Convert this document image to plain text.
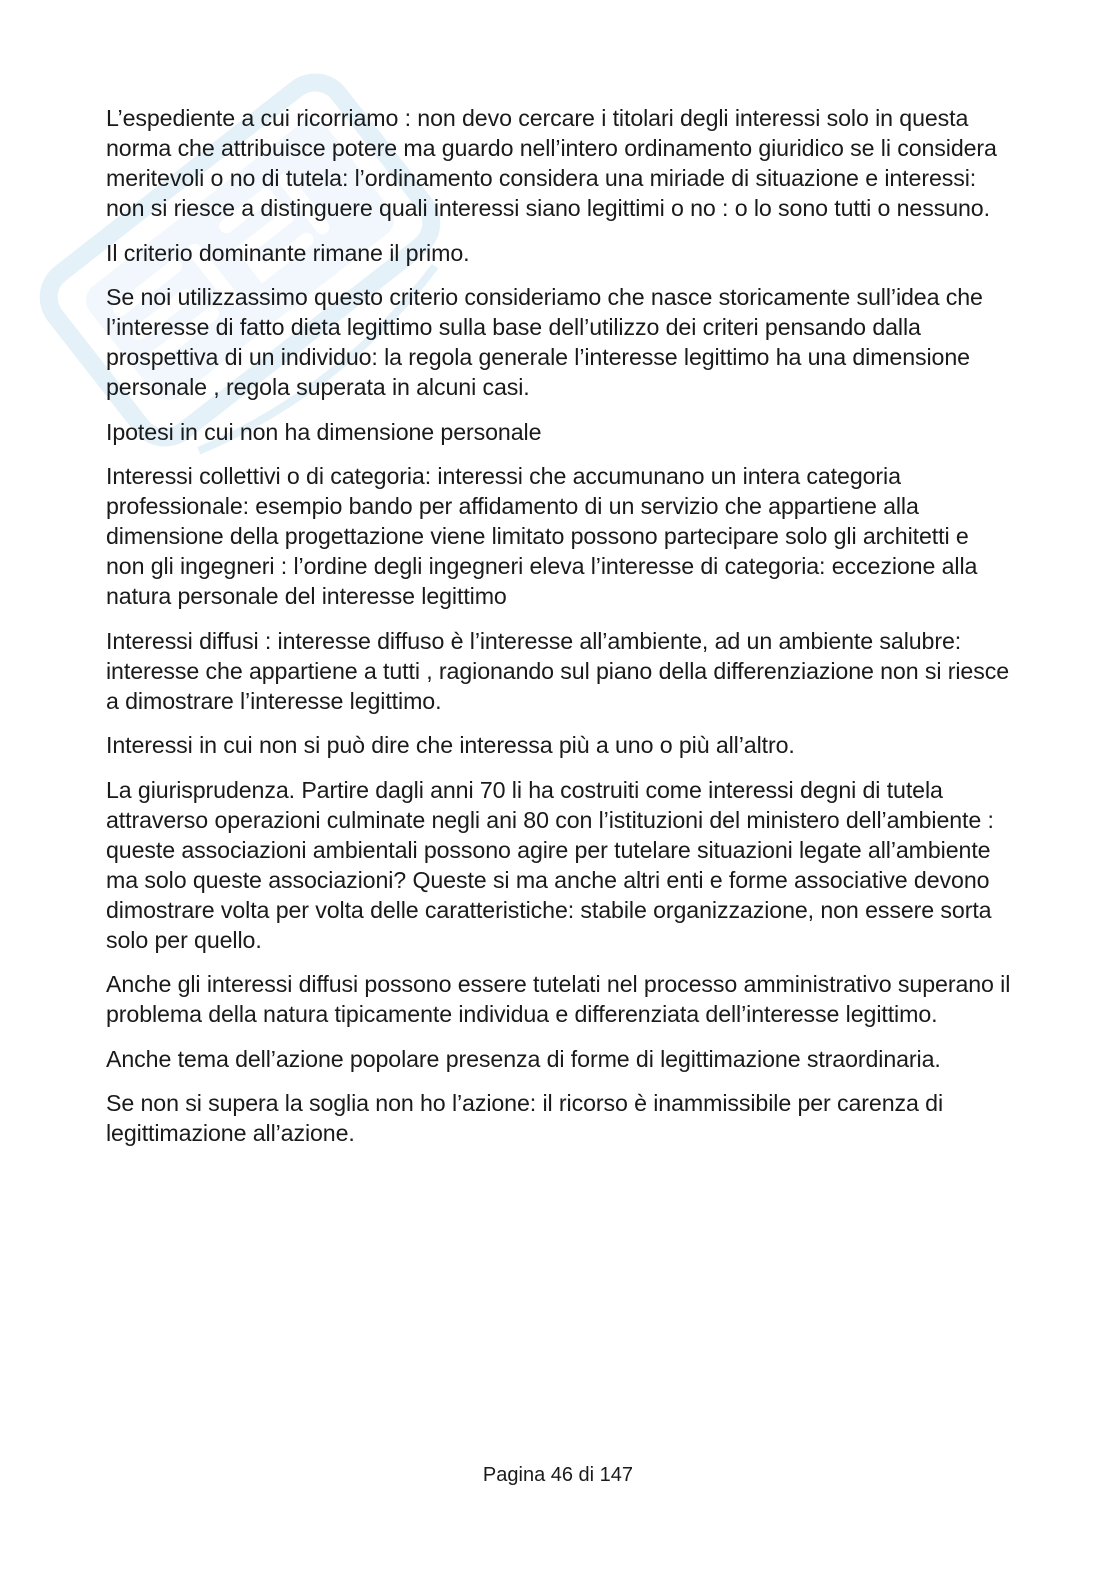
L’espediente a cui ricorriamo : non devo cercare i titolari degli interessi solo in questa norma che attribuisce potere ma guardo nell’intero ordinamento giuridico se li considera meritevoli o no di tutela: l’ordinamento considera una miriade di situazione e interessi: non si riesce a distinguere quali interessi siano legittimi o no : o lo sono tutti o nessuno.

Il criterio dominante rimane il primo.

Se noi utilizzassimo questo criterio consideriamo che nasce storicamente sull’idea che l’interesse di fatto dieta legittimo sulla base dell’utilizzo dei criteri pensando dalla prospettiva di un individuo: la regola generale l’interesse legittimo ha una dimensione personale , regola superata in alcuni casi.

Ipotesi in cui non ha dimensione personale

Interessi collettivi o di categoria: interessi che accumunano un intera categoria professionale: esempio bando per affidamento di un servizio che appartiene alla dimensione della progettazione viene limitato possono partecipare solo gli architetti e non gli ingegneri : l’ordine degli ingegneri eleva l’interesse di categoria: eccezione alla natura personale del interesse legittimo

Interessi diffusi : interesse diffuso è l’interesse all’ambiente, ad un ambiente salubre: interesse che appartiene a tutti , ragionando sul piano della differenziazione non si riesce a dimostrare l’interesse legittimo.

Interessi in cui non si può dire che interessa più a uno o più all’altro.

La giurisprudenza. Partire dagli anni 70 li ha costruiti come interessi degni di tutela attraverso operazioni culminate negli ani 80 con l’istituzioni del ministero dell’ambiente : queste associazioni ambientali possono agire per tutelare situazioni legate all’ambiente ma solo queste associazioni? Queste si ma anche altri enti e forme associative devono dimostrare volta per volta delle caratteristiche: stabile organizzazione, non essere sorta solo per quello.

Anche gli interessi diffusi possono essere tutelati nel processo amministrativo superano il problema della natura tipicamente individua e differenziata dell’interesse legittimo.

Anche tema dell’azione popolare presenza di forme di legittimazione straordinaria.

Se non si supera la soglia non ho l’azione: il ricorso è inammissibile per carenza di legittimazione all’azione.

Pagina 46 di 147
